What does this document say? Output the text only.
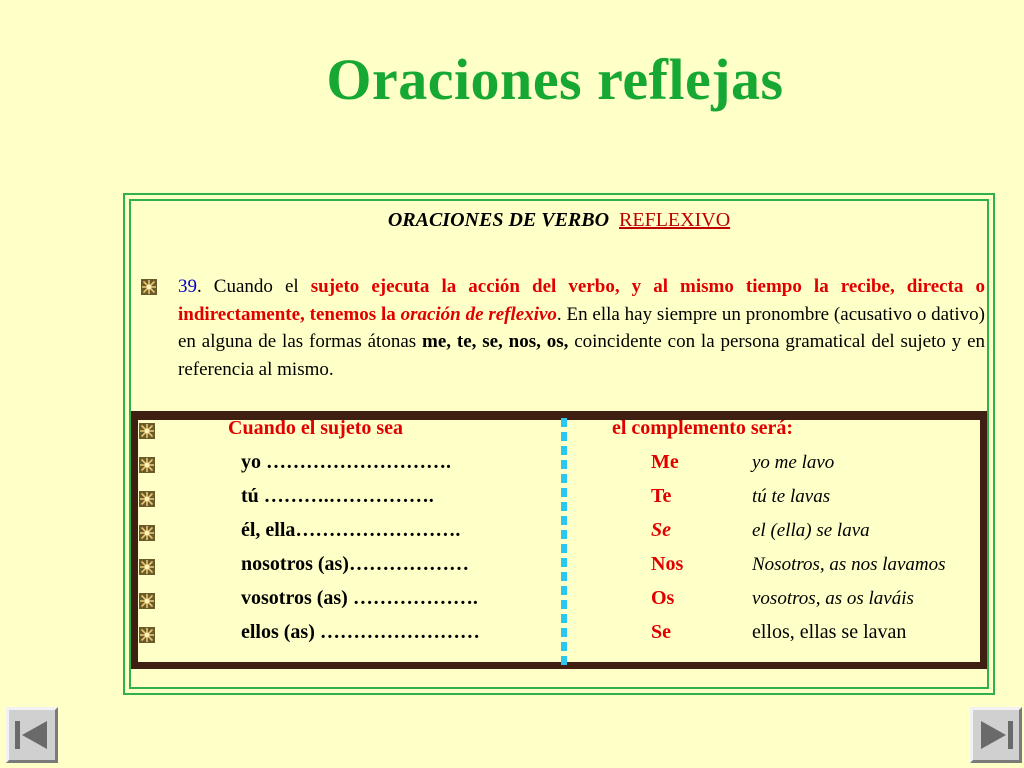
Oraciones reflejas
ORACIONES DE VERBO REFLEXIVO
39. Cuando el sujeto ejecuta la acción del verbo, y al mismo tiempo la recibe, directa o indirectamente, tenemos la oración de reflexivo. En ella hay siempre un pronombre (acusativo o dativo) en alguna de las formas átonas me, te, se, nos, os, coincidente con la persona gramatical del sujeto y en referencia al mismo.
Cuando el sujeto sea	el complemento será:
yo ……………………….	Me	yo me lavo
tú ……….…………….	Te	tú te lavas
él, ella…………………….	Se	el (ella) se lava
nosotros (as)………………	Nos	Nosotros, as nos lavamos
vosotros (as) ……………….	Os	vosotros, as os laváis
ellos (as) ……………………	Se	ellos, ellas se lavan
